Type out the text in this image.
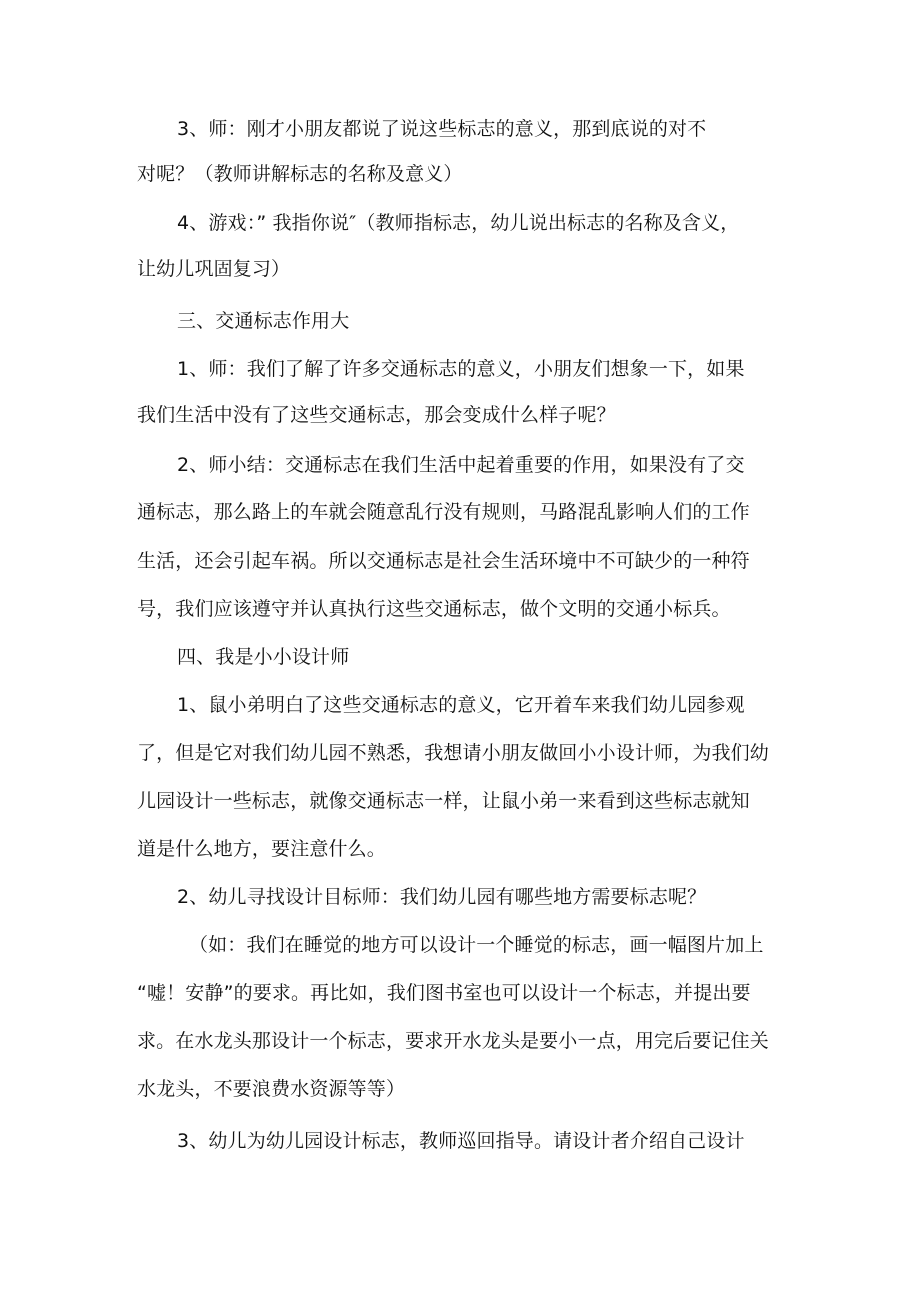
3、师：刚才小朋友都说了说这些标志的意义，那到底说的对不
对呢？（教师讲解标志的名称及意义）
4、游戏：” 我指你说″（教师指标志，幼儿说出标志的名称及含义，
让幼儿巩固复习）
三、交通标志作用大
1、师：我们了解了许多交通标志的意义，小朋友们想象一下，如果
我们生活中没有了这些交通标志，那会变成什么样子呢？
2、师小结：交通标志在我们生活中起着重要的作用，如果没有了交
通标志，那么路上的车就会随意乱行没有规则，马路混乱影响人们的工作
生活，还会引起车祸。所以交通标志是社会生活环境中不可缺少的一种符
号，我们应该遵守并认真执行这些交通标志，做个文明的交通小标兵。
四、我是小小设计师
1、鼠小弟明白了这些交通标志的意义，它开着车来我们幼儿园参观
了，但是它对我们幼儿园不熟悉，我想请小朋友做回小小设计师，为我们幼
儿园设计一些标志，就像交通标志一样，让鼠小弟一来看到这些标志就知
道是什么地方，要注意什么。
2、幼儿寻找设计目标师：我们幼儿园有哪些地方需要标志呢？
（如：我们在睡觉的地方可以设计一个睡觉的标志，画一幅图片加上
“嘘！安静”的要求。再比如，我们图书室也可以设计一个标志，并提出要
求。在水龙头那设计一个标志，要求开水龙头是要小一点，用完后要记住关
水龙头，不要浪费水资源等等）
3、幼儿为幼儿园设计标志，教师巡回指导。请设计者介绍自己设计
